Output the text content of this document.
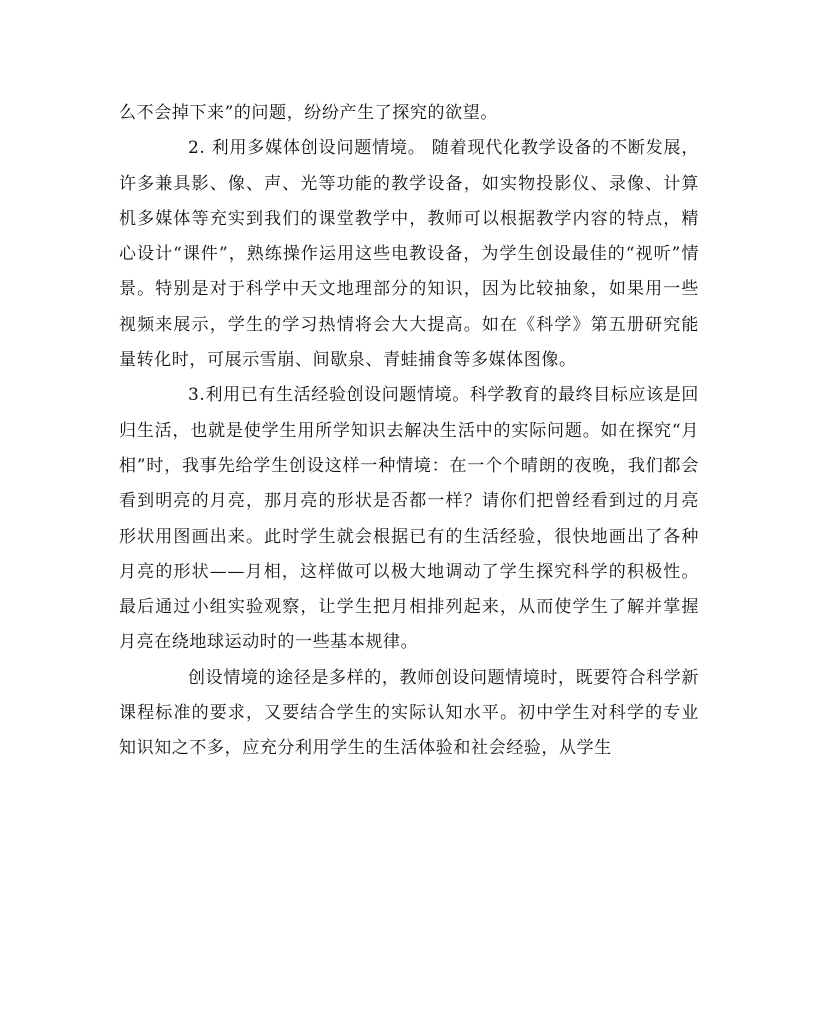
么不会掉下来”的问题，纷纷产生了探究的欲望。

2. 利用多媒体创设问题情境。 随着现代化教学设备的不断发展，许多兼具影、像、声、光等功能的教学设备，如实物投影仪、录像、计算机多媒体等充实到我们的课堂教学中，教师可以根据教学内容的特点，精心设计“课件”，熟练操作运用这些电教设备，为学生创设最佳的“视听”情景。特别是对于科学中天文地理部分的知识，因为比较抽象，如果用一些视频来展示，学生的学习热情将会大大提高。如在《科学》第五册研究能量转化时，可展示雪崩、间歇泉、青蛙捕食等多媒体图像。

3.利用已有生活经验创设问题情境。科学教育的最终目标应该是回归生活，也就是使学生用所学知识去解决生活中的实际问题。如在探究“月相”时，我事先给学生创设这样一种情境：在一个个晴朗的夜晚，我们都会看到明亮的月亮，那月亮的形状是否都一样？请你们把曾经看到过的月亮形状用图画出来。此时学生就会根据已有的生活经验，很快地画出了各种月亮的形状——月相，这样做可以极大地调动了学生探究科学的积极性。最后通过小组实验观察，让学生把月相排列起来，从而使学生了解并掌握月亮在绕地球运动时的一些基本规律。

创设情境的途径是多样的，教师创设问题情境时，既要符合科学新课程标准的要求，又要结合学生的实际认知水平。初中学生对科学的专业知识知之不多，应充分利用学生的生活体验和社会经验，从学生
